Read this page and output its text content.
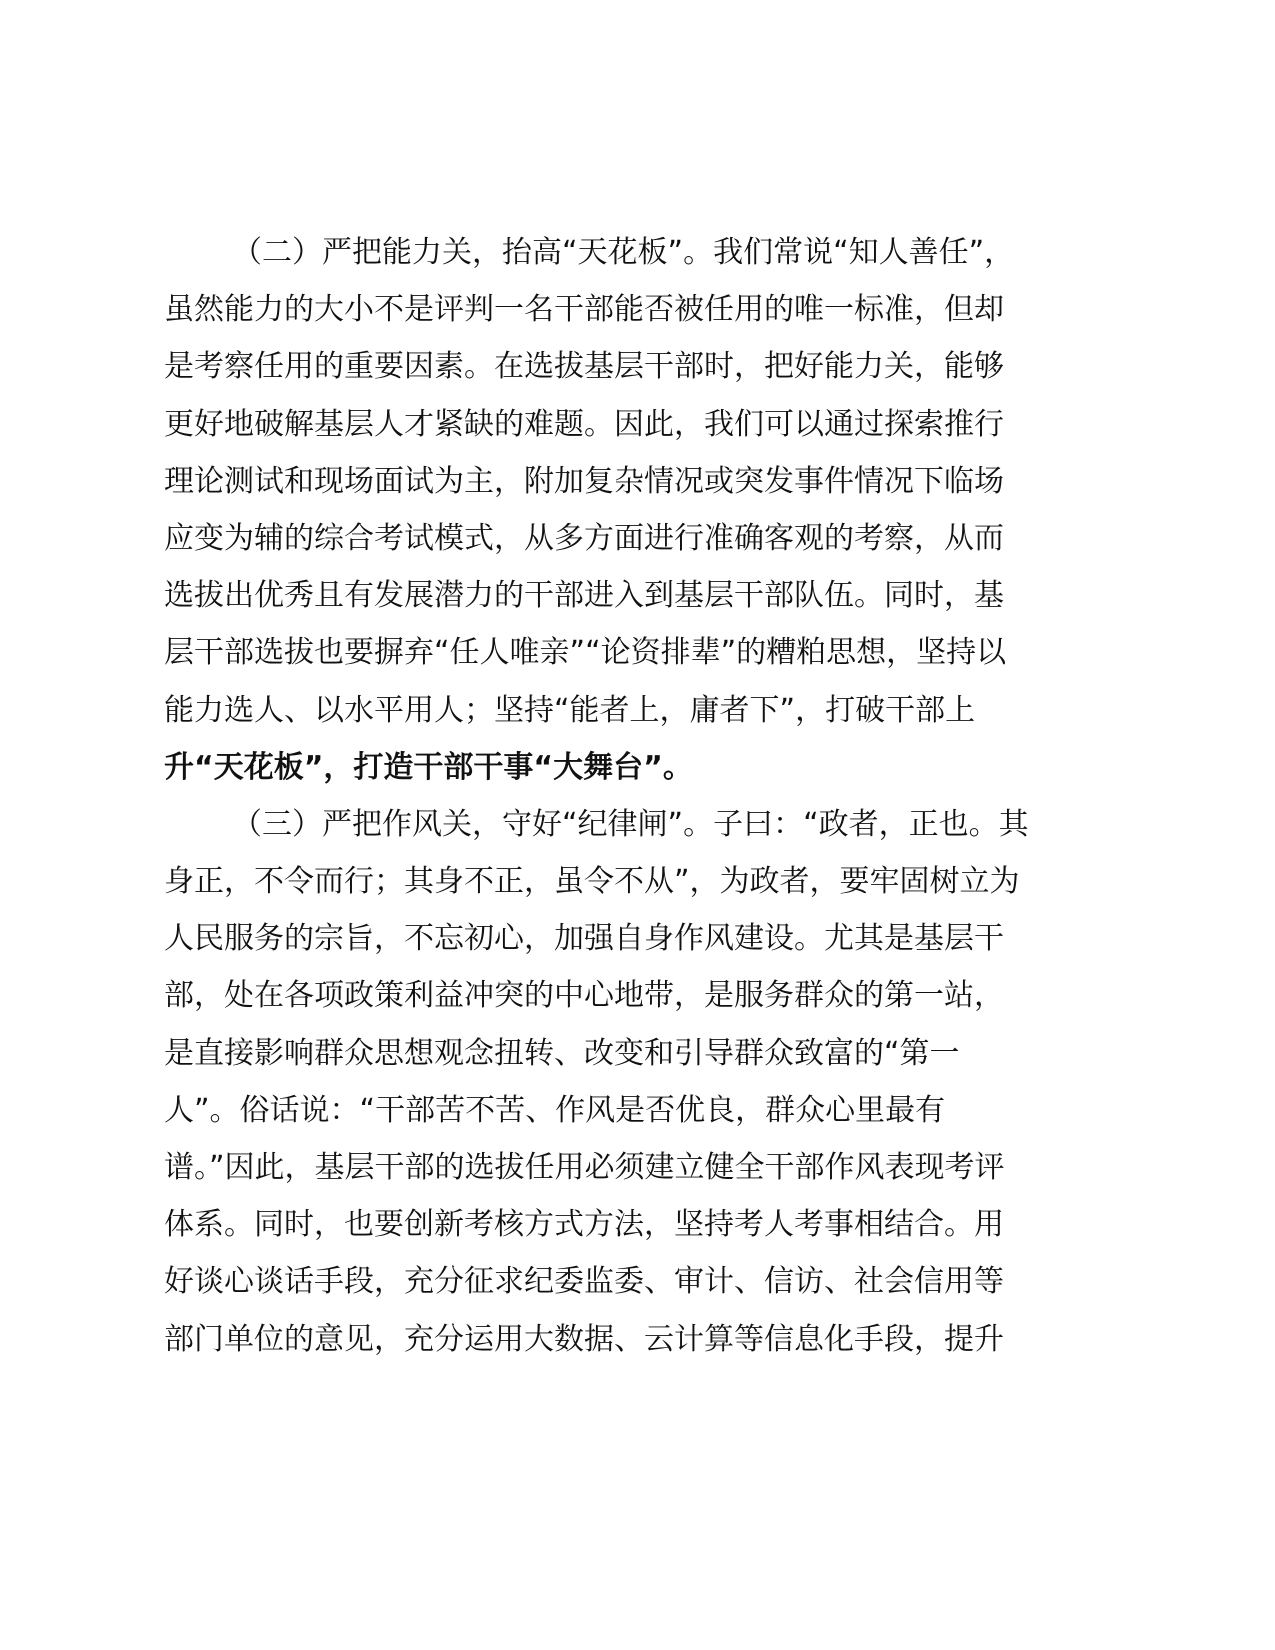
（二）严把能力关，抬高“天花板”。我们常说“知人善任”，
虽然能力的大小不是评判一名干部能否被任用的唯一标准，但却
是考察任用的重要因素。在选拔基层干部时，把好能力关，能够
更好地破解基层人才紧缺的难题。因此，我们可以通过探索推行
理论测试和现场面试为主，附加复杂情况或突发事件情况下临场
应变为辅的综合考试模式，从多方面进行准确客观的考察，从而
选拔出优秀且有发展潜力的干部进入到基层干部队伍。同时，基
层干部选拔也要摒弃“任人唯亲”“论资排辈”的糟粕思想，坚持以
能力选人、以水平用人；坚持“能者上，庸者下”，打破干部上
升“天花板”，打造干部干事“大舞台”。
（三）严把作风关，守好“纪律闸”。子曰：“政者，正也。其
身正，不令而行；其身不正，虽令不从”，为政者，要牢固树立为
人民服务的宗旨，不忘初心，加强自身作风建设。尤其是基层干
部，处在各项政策利益冲突的中心地带，是服务群众的第一站，
是直接影响群众思想观念扭转、改变和引导群众致富的“第一
人”。俗话说：“干部苦不苦、作风是否优良，群众心里最有
谱。”因此，基层干部的选拔任用必须建立健全干部作风表现考评
体系。同时，也要创新考核方式方法，坚持考人考事相结合。用
好谈心谈话手段，充分征求纪委监委、审计、信访、社会信用等
部门单位的意见，充分运用大数据、云计算等信息化手段，提升
